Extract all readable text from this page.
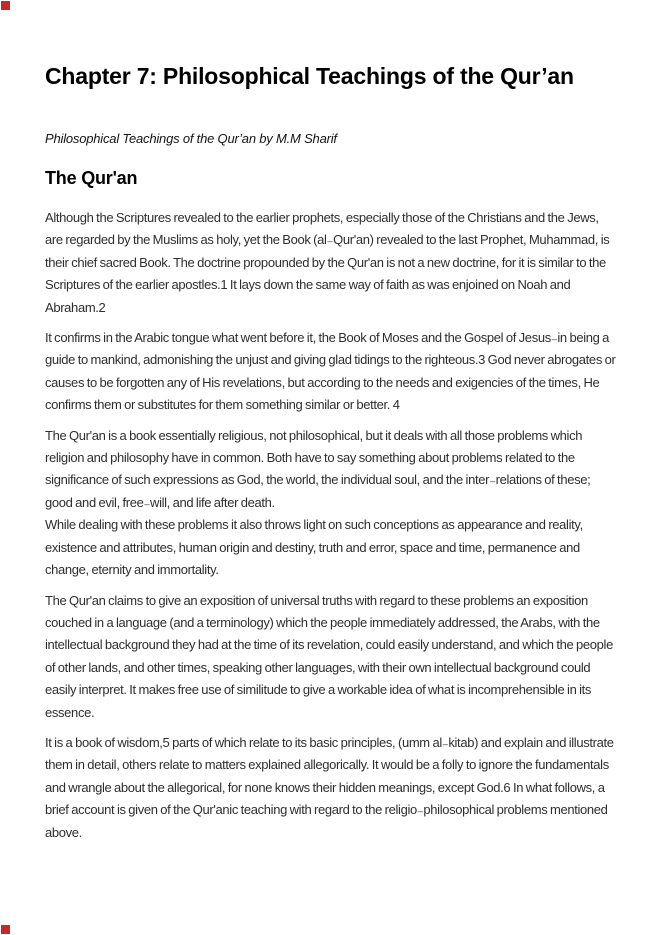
Chapter 7: Philosophical Teachings of the Qur’an

Philosophical Teachings of the Qur’an by M.M Sharif

The Qur'an

Although the Scriptures revealed to the earlier prophets, especially those of the Christians and the Jews, are regarded by the Muslims as holy, yet the Book (al₋Qur'an) revealed to the last Prophet, Muhammad, is their chief sacred Book. The doctrine propounded by the Qur'an is not a new doctrine, for it is similar to the Scriptures of the earlier apostles.1 It lays down the same way of faith as was enjoined on Noah and Abraham.2

It confirms in the Arabic tongue what went before it, the Book of Moses and the Gospel of Jesus₋in being a guide to mankind, admonishing the unjust and giving glad tidings to the righteous.3 God never abrogates or causes to be forgotten any of His revelations, but according to the needs and exigencies of the times, He confirms them or substitutes for them something similar or better. 4

The Qur'an is a book essentially religious, not philosophical, but it deals with all those problems which religion and philosophy have in common. Both have to say something about problems related to the significance of such expressions as God, the world, the individual soul, and the inter₋relations of these; good and evil, free₋will, and life after death.

While dealing with these problems it also throws light on such conceptions as appearance and reality, existence and attributes, human origin and destiny, truth and error, space and time, permanence and change, eternity and immortality.

The Qur'an claims to give an exposition of universal truths with regard to these problems an exposition couched in a language (and a terminology) which the people immediately addressed, the Arabs, with the intellectual background they had at the time of its revelation, could easily understand, and which the people of other lands, and other times, speaking other languages, with their own intellectual background could easily interpret. It makes free use of similitude to give a workable idea of what is incomprehensible in its essence.

It is a book of wisdom,5 parts of which relate to its basic principles, (umm al₋kitab) and explain and illustrate them in detail, others relate to matters explained allegorically. It would be a folly to ignore the fundamentals and wrangle about the allegorical, for none knows their hidden meanings, except God.6 In what follows, a brief account is given of the Qur'anic teaching with regard to the religio₋philosophical problems mentioned above.
